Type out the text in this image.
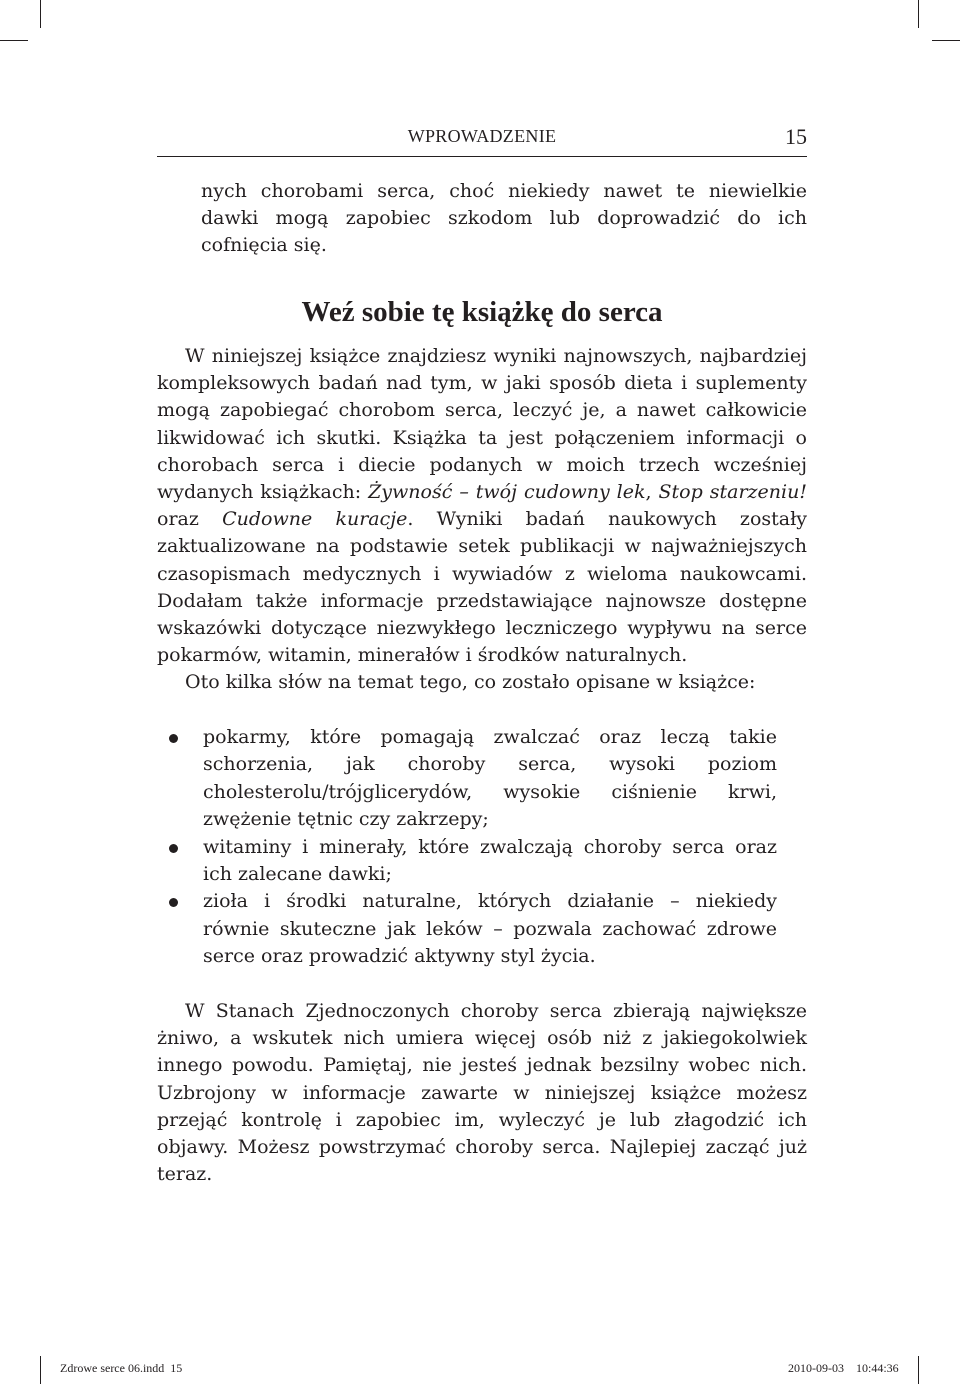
WPROWADZENIE	15

nych chorobami serca, choć niekiedy nawet te niewielkie dawki mogą zapobiec szkodom lub doprowadzić do ich cofnięcia się.

Weź sobie tę książkę do serca

W niniejszej książce znajdziesz wyniki najnowszych, najbardziej kompleksowych badań nad tym, w jaki sposób dieta i suplementy mogą zapobiegać chorobom serca, leczyć je, a nawet całkowicie likwidować ich skutki. Książka ta jest połączeniem informacji o chorobach serca i diecie podanych w moich trzech wcześniej wydanych książkach: Żywność – twój cudowny lek, Stop starzeniu! oraz Cudowne kuracje. Wyniki badań naukowych zostały zaktualizowane na podstawie setek publikacji w najważniejszych czasopismach medycznych i wywiadów z wieloma naukowcami. Dodałam także informacje przedstawiające najnowsze dostępne wskazówki dotyczące niezwykłego leczniczego wypływu na serce pokarmów, witamin, minerałów i środków naturalnych.

Oto kilka słów na temat tego, co zostało opisane w książce:

pokarmy, które pomagają zwalczać oraz leczą takie schorzenia, jak choroby serca, wysoki poziom cholesterolu/trójglicerydów, wysokie ciśnienie krwi, zwężenie tętnic czy zakrzepy;
witaminy i minerały, które zwalczają choroby serca oraz ich zalecane dawki;
zioła i środki naturalne, których działanie – niekiedy równie skuteczne jak leków – pozwala zachować zdrowe serce oraz prowadzić aktywny styl życia.

W Stanach Zjednoczonych choroby serca zbierają największe żniwo, a wskutek nich umiera więcej osób niż z jakiegokolwiek innego powodu. Pamiętaj, nie jesteś jednak bezsilny wobec nich. Uzbrojony w informacje zawarte w niniejszej książce możesz przejąć kontrolę i zapobiec im, wyleczyć je lub złagodzić ich objawy. Możesz powstrzymać choroby serca. Najlepiej zacząć już teraz.

Zdrowe serce 06.indd 15	2010-09-03 10:44:36
